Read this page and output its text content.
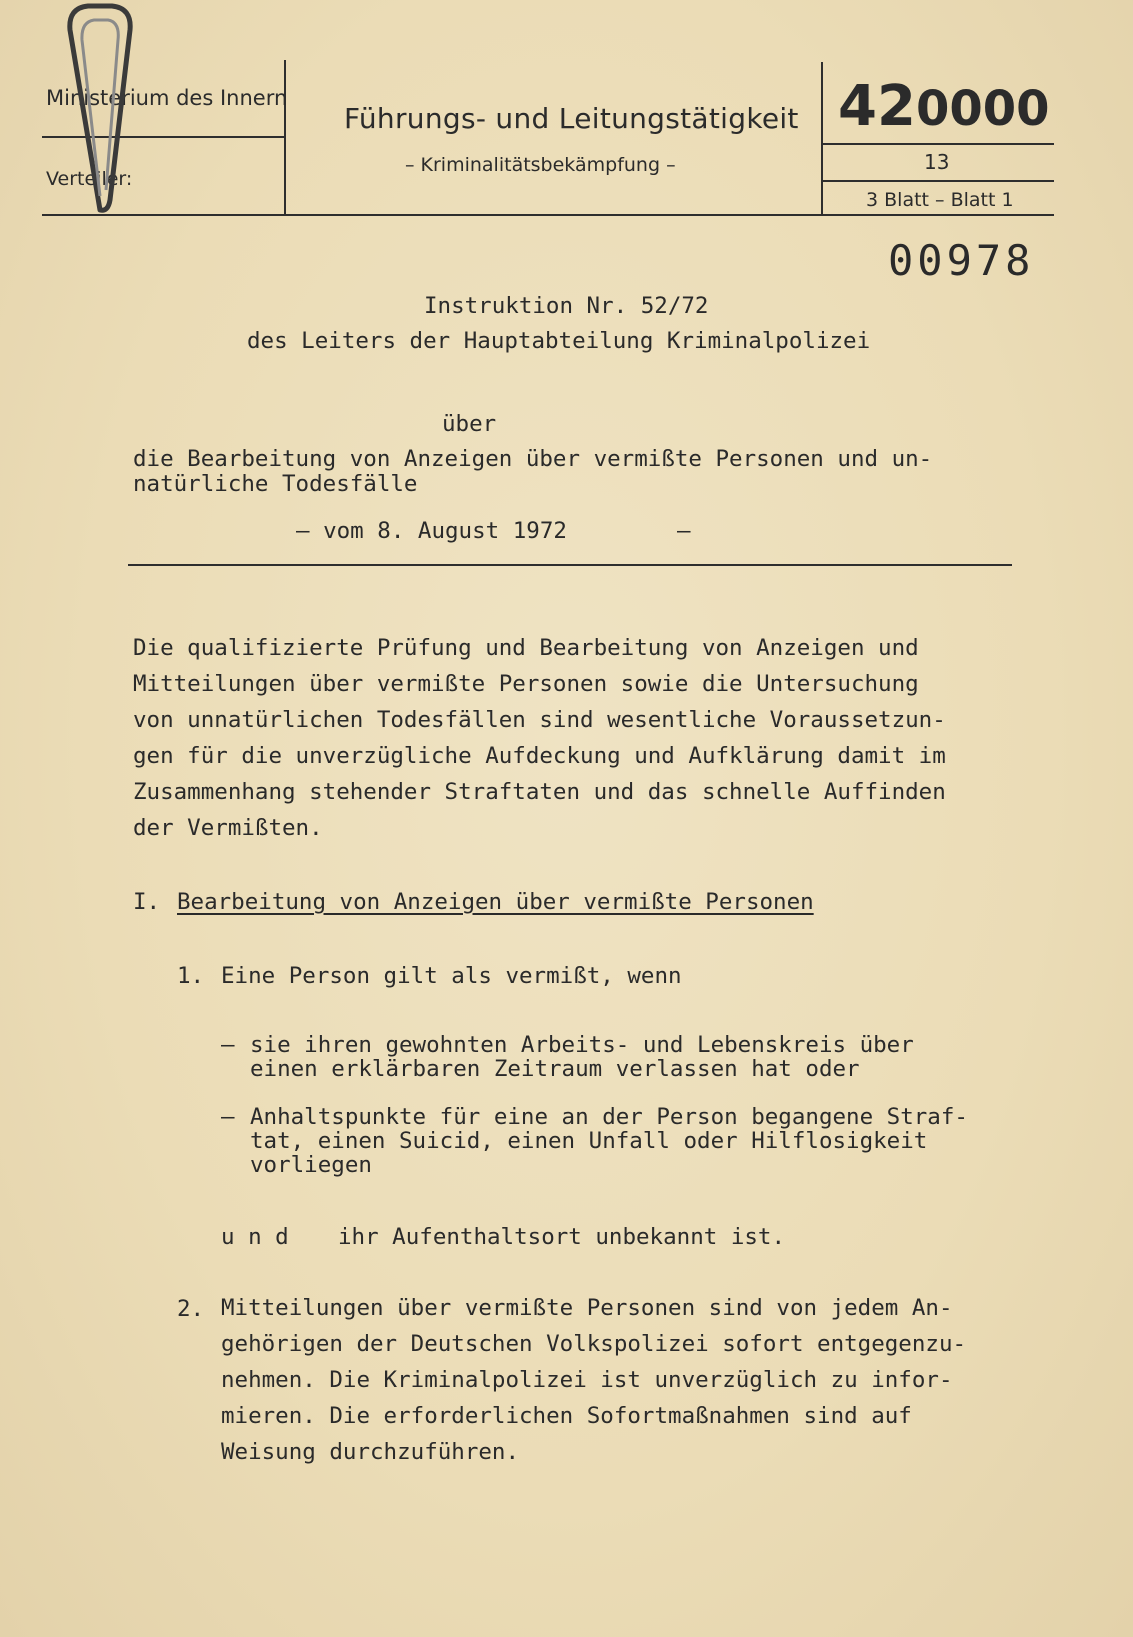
Ministerium des Innern
Verteiler:
Führungs- und Leitungstätigkeit
– Kriminalitätsbekämpfung –
420000
13
3 Blatt – Blatt 1
00978
Instruktion Nr. 52/72
des Leiters der Hauptabteilung Kriminalpolizei
über
die Bearbeitung von Anzeigen über vermißte Personen und un-
natürliche Todesfälle
– vom 8. August 1972	–
Die qualifizierte Prüfung und Bearbeitung von Anzeigen und
Mitteilungen über vermißte Personen sowie die Untersuchung
von unnatürlichen Todesfällen sind wesentliche Voraussetzun-
gen für die unverzügliche Aufdeckung und Aufklärung damit im
Zusammenhang stehender Straftaten und das schnelle Auffinden
der Vermißten.
I. Bearbeitung von Anzeigen über vermißte Personen
1. Eine Person gilt als vermißt, wenn
– sie ihren gewohnten Arbeits- und Lebenskreis über
einen erklärbaren Zeitraum verlassen hat oder
– Anhaltspunkte für eine an der Person begangene Straf-
tat, einen Suicid, einen Unfall oder Hilflosigkeit
vorliegen
u n d ihr Aufenthaltsort unbekannt ist.
2. Mitteilungen über vermißte Personen sind von jedem An-
gehörigen der Deutschen Volkspolizei sofort entgegenzu-
nehmen. Die Kriminalpolizei ist unverzüglich zu infor-
mieren. Die erforderlichen Sofortmaßnahmen sind auf
Weisung durchzuführen.
